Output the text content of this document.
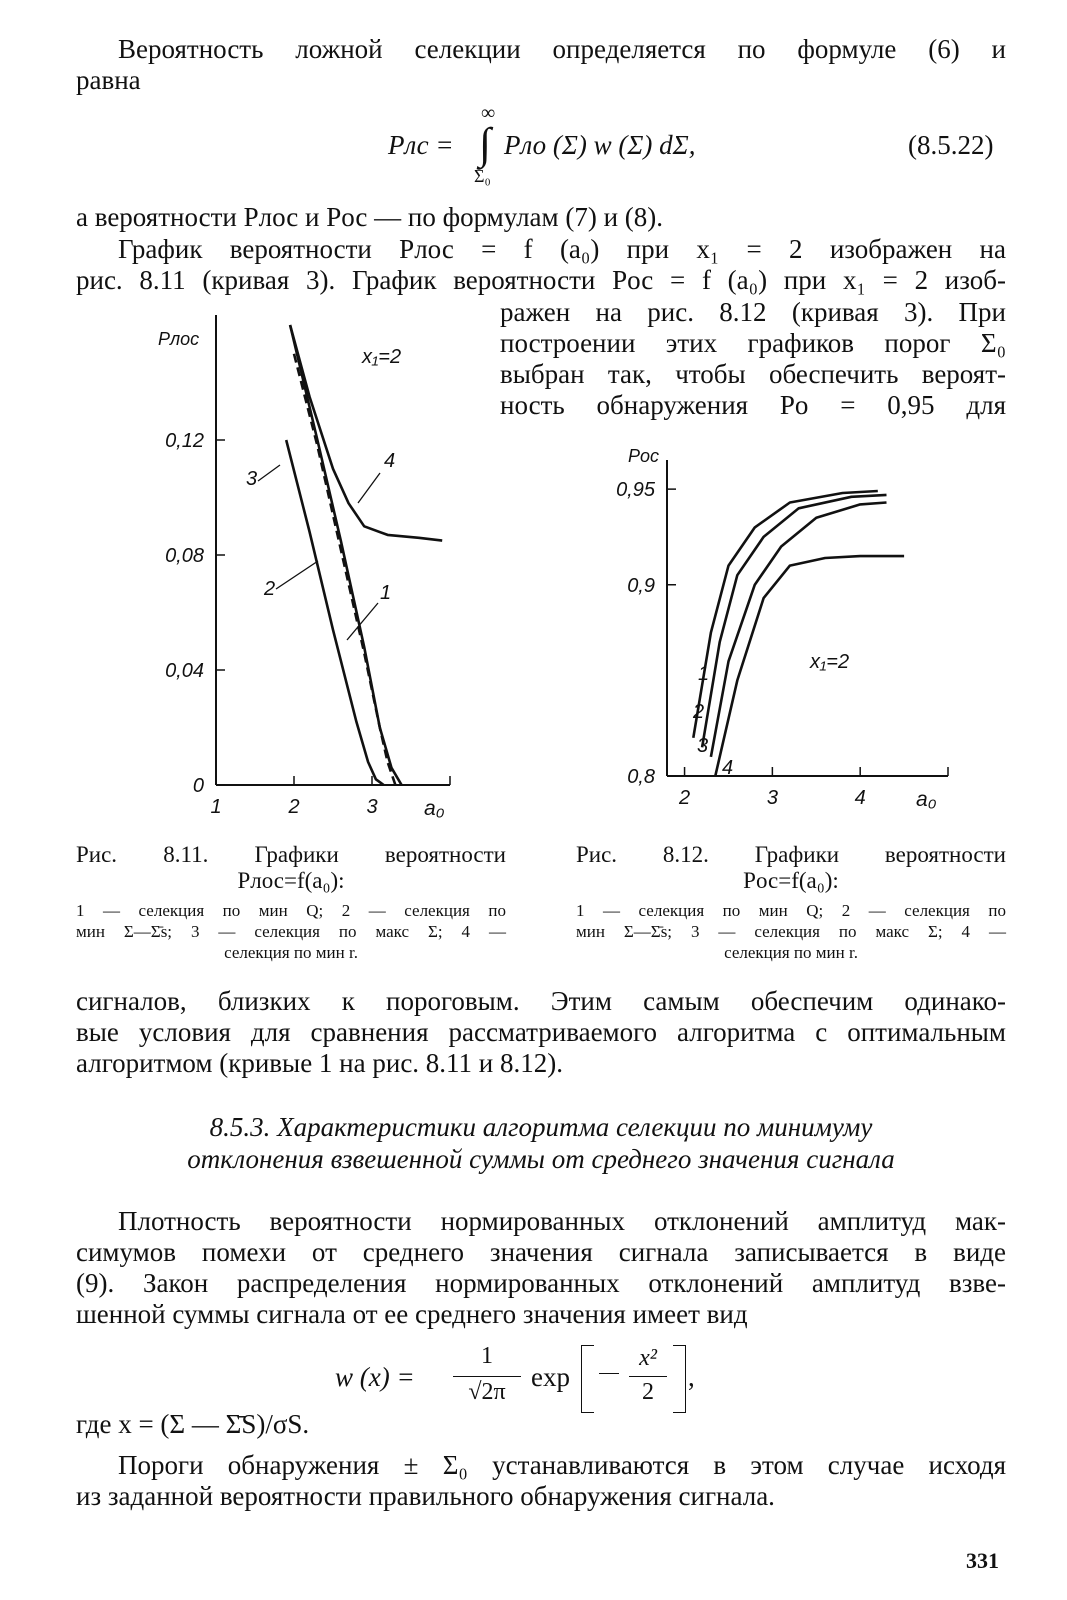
Вероятность ложной селекции определяется по формуле (6) и
равна
Pлс =
∞
∫
Σ₀
Pло (Σ) w (Σ) dΣ,	(8.5.22)
а вероятности Pлос и Pос — по формулам (7) и (8).
График вероятности Pлос = f (a₀) при x₁ = 2 изображен на
рис. 8.11 (кривая 3). График вероятности Pос = f (a₀) при x₁ = 2 изоб-
ражен на рис. 8.12 (кривая 3). При
построении этих графиков порог Σ₀
выбран так, чтобы обеспечить вероят-
ность обнаружения Pо = 0,95 для
0
0,04
0,08
0,12
1	2	3 a₀
Pлос
x₁=2
1
2
3
4
0,8
0,9
0,95
2	3	4 a₀
Pос
x₁=2
1
2
3
4
Рис. 8.11. Графики вероятности
Pлос=f(a₀):
1 — селекция по мин Q; 2 — селекция по
мин Σ—Σ̄s; 3 — селекция по макс Σ; 4 —
селекция по мин r.
Рис. 8.12. Графики вероятности
Pос=f(a₀):
1 — селекция по мин Q; 2 — селекция по
мин Σ—Σ̄s; 3 — селекция по макс Σ; 4 —
селекция по мин r.
сигналов, близких к пороговым. Этим самым обеспечим одинако-
вые условия для сравнения рассматриваемого алгоритма с оптимальным
алгоритмом (кривые 1 на рис. 8.11 и 8.12).
8.5.3. Характеристики алгоритма селекции по минимуму
отклонения взвешенной суммы от среднего значения сигнала
Плотность вероятности нормированных отклонений амплитуд мак-
симумов помехи от среднего значения сигнала записывается в виде
(9). Закон распределения нормированных отклонений амплитуд взве-
шенной суммы сигнала от ее среднего значения имеет вид
w (x) =
1
√2π exp
x²
2	,
где x = (Σ — Σ̄S)/σS.
Пороги обнаружения ± Σ₀ устанавливаются в этом случае исходя
из заданной вероятности правильного обнаружения сигнала.
331
